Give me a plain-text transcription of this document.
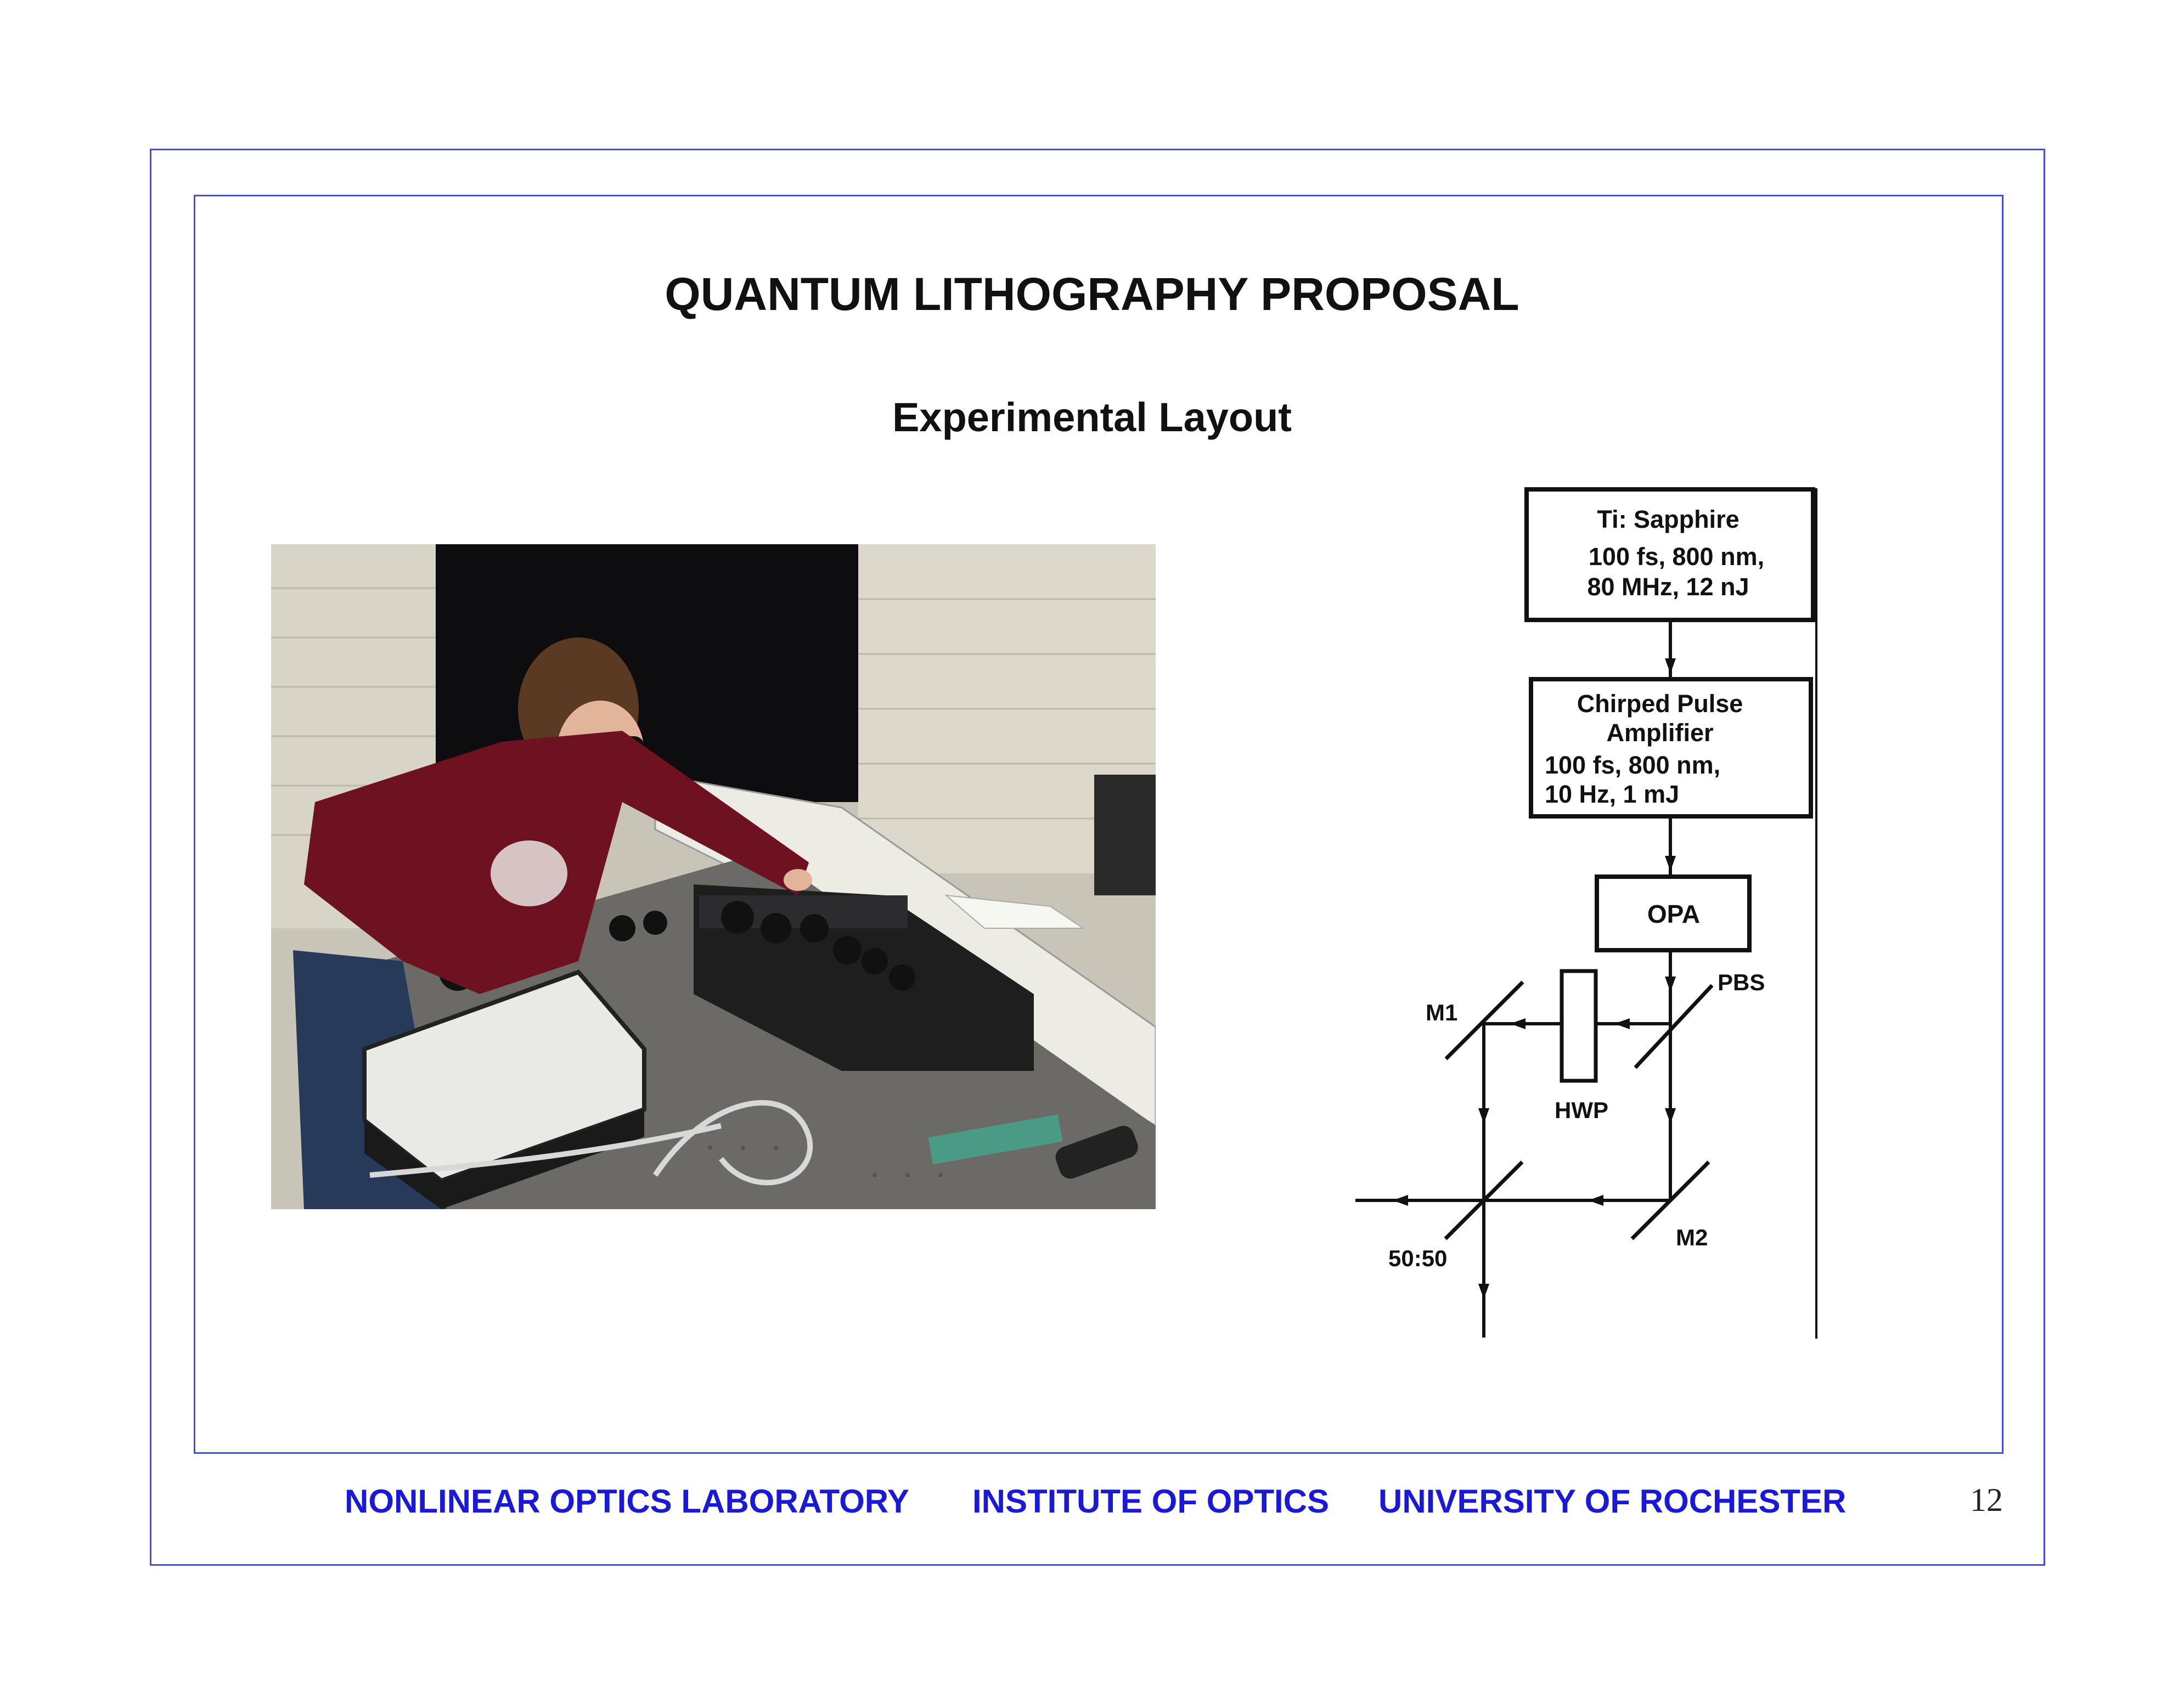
QUANTUM LITHOGRAPHY PROPOSAL
Experimental Layout
Ti: Sapphire
100 fs, 800 nm,
80 MHz, 12 nJ
Chirped Pulse
Amplifier
100 fs, 800 nm,
10 Hz, 1 mJ
OPA
PBS
HWP
M1
M2
50:50
NONLINEAR OPTICS LABORATORY INSTITUTE OF OPTICS UNIVERSITY OF ROCHESTER	12
